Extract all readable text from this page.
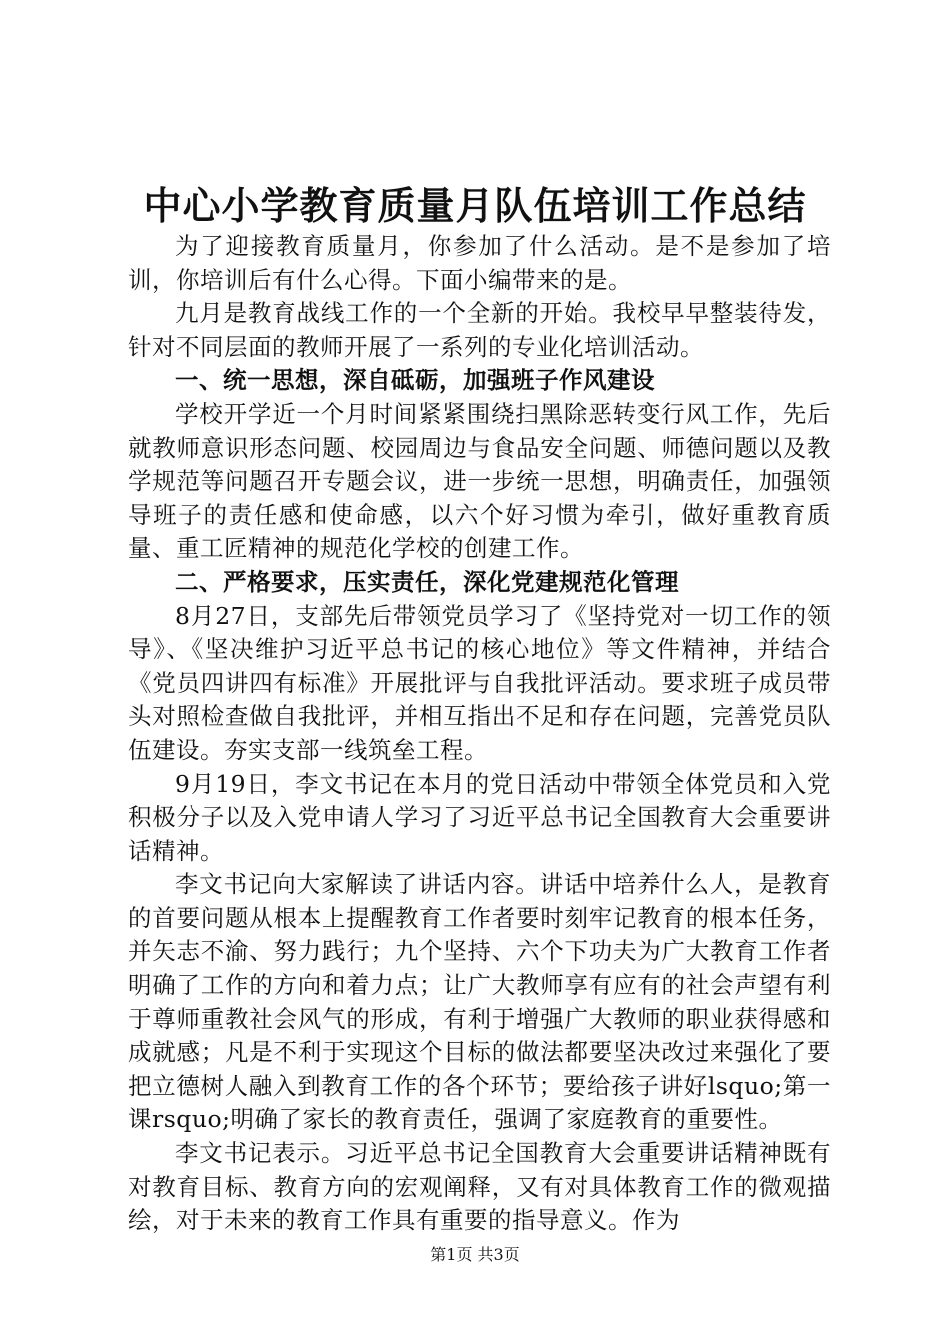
中心小学教育质量月队伍培训工作总结

为了迎接教育质量月，你参加了什么活动。是不是参加了培训，你培训后有什么心得。下面小编带来的是。

九月是教育战线工作的一个全新的开始。我校早早整装待发，针对不同层面的教师开展了一系列的专业化培训活动。

一、统一思想，深自砥砺，加强班子作风建设

学校开学近一个月时间紧紧围绕扫黑除恶转变行风工作，先后就教师意识形态问题、校园周边与食品安全问题、师德问题以及教学规范等问题召开专题会议，进一步统一思想，明确责任，加强领导班子的责任感和使命感，以六个好习惯为牵引，做好重教育质量、重工匠精神的规范化学校的创建工作。

二、严格要求，压实责任，深化党建规范化管理

8月27日，支部先后带领党员学习了《坚持党对一切工作的领导》、《坚决维护习近平总书记的核心地位》等文件精神，并结合《党员四讲四有标准》开展批评与自我批评活动。要求班子成员带头对照检查做自我批评，并相互指出不足和存在问题，完善党员队伍建设。夯实支部一线筑垒工程。

9月19日，李文书记在本月的党日活动中带领全体党员和入党积极分子以及入党申请人学习了习近平总书记全国教育大会重要讲话精神。

李文书记向大家解读了讲话内容。讲话中培养什么人，是教育的首要问题从根本上提醒教育工作者要时刻牢记教育的根本任务，并矢志不渝、努力践行；九个坚持、六个下功夫为广大教育工作者明确了工作的方向和着力点；让广大教师享有应有的社会声望有利于尊师重教社会风气的形成，有利于增强广大教师的职业获得感和成就感；凡是不利于实现这个目标的做法都要坚决改过来强化了要把立德树人融入到教育工作的各个环节；要给孩子讲好lsquo;第一课rsquo;明确了家长的教育责任，强调了家庭教育的重要性。

李文书记表示。习近平总书记全国教育大会重要讲话精神既有对教育目标、教育方向的宏观阐释，又有对具体教育工作的微观描绘，对于未来的教育工作具有重要的指导意义。作为

第1页 共3页
